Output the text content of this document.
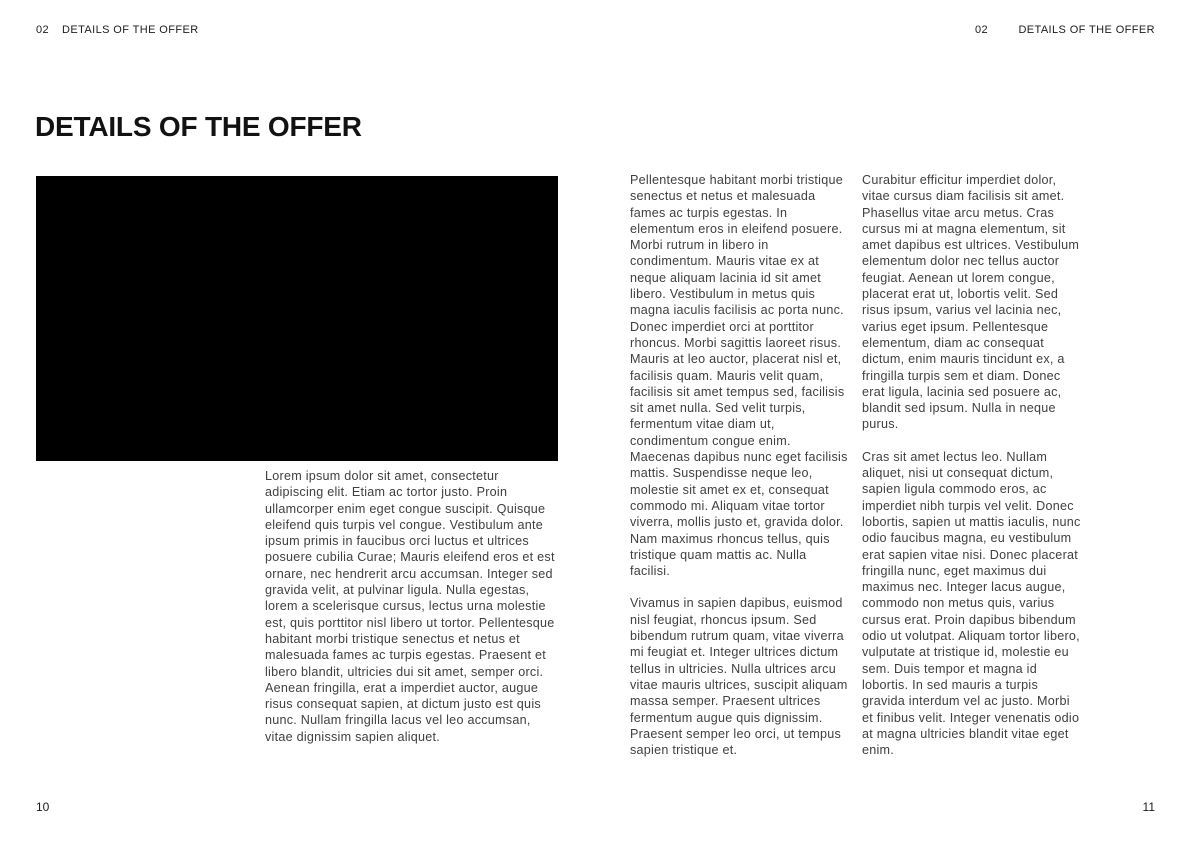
02 DETAILS OF THE OFFER	02	DETAILS OF THE OFFER
DETAILS OF THE OFFER

Lorem ipsum dolor sit amet, consectetur adipiscing elit. Etiam ac tortor justo. Proin ullamcorper enim eget congue suscipit. Quisque eleifend quis turpis vel congue. Vestibulum ante ipsum primis in faucibus orci luctus et ultrices posuere cubilia Curae; Mauris eleifend eros et est ornare, nec hendrerit arcu accumsan. Integer sed gravida velit, at pulvinar ligula. Nulla egestas, lorem a scelerisque cursus, lectus urna molestie est, quis porttitor nisl libero ut tortor. Pellentesque habitant morbi tristique senectus et netus et malesuada fames ac turpis egestas. Praesent et libero blandit, ultricies dui sit amet, semper orci. Aenean fringilla, erat a imperdiet auctor, augue risus consequat sapien, at dictum justo est quis nunc. Nullam fringilla lacus vel leo accumsan, vitae dignissim sapien aliquet.

Pellentesque habitant morbi tristique senectus et netus et malesuada fames ac turpis egestas. In elementum eros in eleifend posuere. Morbi rutrum in libero in condimentum. Mauris vitae ex at neque aliquam lacinia id sit amet libero. Vestibulum in metus quis magna iaculis facilisis ac porta nunc. Donec imperdiet orci at porttitor rhoncus. Morbi sagittis laoreet risus. Mauris at leo auctor, placerat nisl et, facilisis quam. Mauris velit quam, facilisis sit amet tempus sed, facilisis sit amet nulla. Sed velit turpis, fermentum vitae diam ut, condimentum congue enim. Maecenas dapibus nunc eget facilisis mattis. Suspendisse neque leo, molestie sit amet ex et, consequat commodo mi. Aliquam vitae tortor viverra, mollis justo et, gravida dolor. Nam maximus rhoncus tellus, quis tristique quam mattis ac. Nulla facilisi.

Vivamus in sapien dapibus, euismod nisl feugiat, rhoncus ipsum. Sed bibendum rutrum quam, vitae viverra mi feugiat et. Integer ultrices dictum tellus in ultricies. Nulla ultrices arcu vitae mauris ultrices, suscipit aliquam massa semper. Praesent ultrices fermentum augue quis dignissim. Praesent semper leo orci, ut tempus sapien tristique et.

Curabitur efficitur imperdiet dolor, vitae cursus diam facilisis sit amet. Phasellus vitae arcu metus. Cras cursus mi at magna elementum, sit amet dapibus est ultrices. Vestibulum elementum dolor nec tellus auctor feugiat. Aenean ut lorem congue, placerat erat ut, lobortis velit. Sed risus ipsum, varius vel lacinia nec, varius eget ipsum. Pellentesque elementum, diam ac consequat dictum, enim mauris tincidunt ex, a fringilla turpis sem et diam. Donec erat ligula, lacinia sed posuere ac, blandit sed ipsum. Nulla in neque purus.

Cras sit amet lectus leo. Nullam aliquet, nisi ut consequat dictum, sapien ligula commodo eros, ac imperdiet nibh turpis vel velit. Donec lobortis, sapien ut mattis iaculis, nunc odio faucibus magna, eu vestibulum erat sapien vitae nisi. Donec placerat fringilla nunc, eget maximus dui maximus nec. Integer lacus augue, commodo non metus quis, varius cursus erat. Proin dapibus bibendum odio ut volutpat. Aliquam tortor libero, vulputate at tristique id, molestie eu sem. Duis tempor et magna id lobortis. In sed mauris a turpis gravida interdum vel ac justo. Morbi et finibus velit. Integer venenatis odio at magna ultricies blandit vitae eget enim.

10	11
